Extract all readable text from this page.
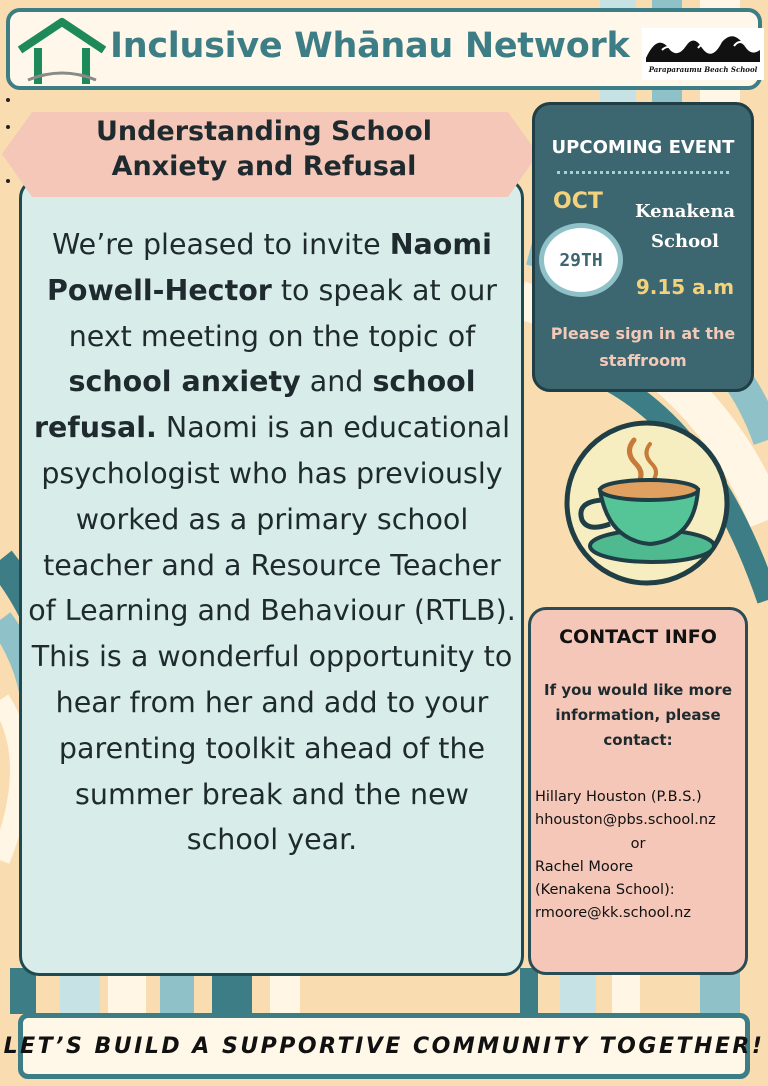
Inclusive Whānau Network
Paraparaumu Beach School
Understanding School
Anxiety and Refusal
We’re pleased to invite Naomi Powell-Hector to speak at our next meeting on the topic of school anxiety and school refusal. Naomi is an educational psychologist who has previously worked as a primary school teacher and a Resource Teacher of Learning and Behaviour (RTLB). This is a wonderful opportunity to hear from her and add to your parenting toolkit ahead of the summer break and the new school year.
UPCOMING EVENT
OCT
29TH
Kenakena
School
9.15 a.m
Please sign in at the staffroom
CONTACT INFO
If you would like more information, please contact:
Hillary Houston (P.B.S.)
hhouston@pbs.school.nz
or
Rachel Moore
(Kenakena School):
rmoore@kk.school.nz
LET’S BUILD A SUPPORTIVE COMMUNITY TOGETHER!
